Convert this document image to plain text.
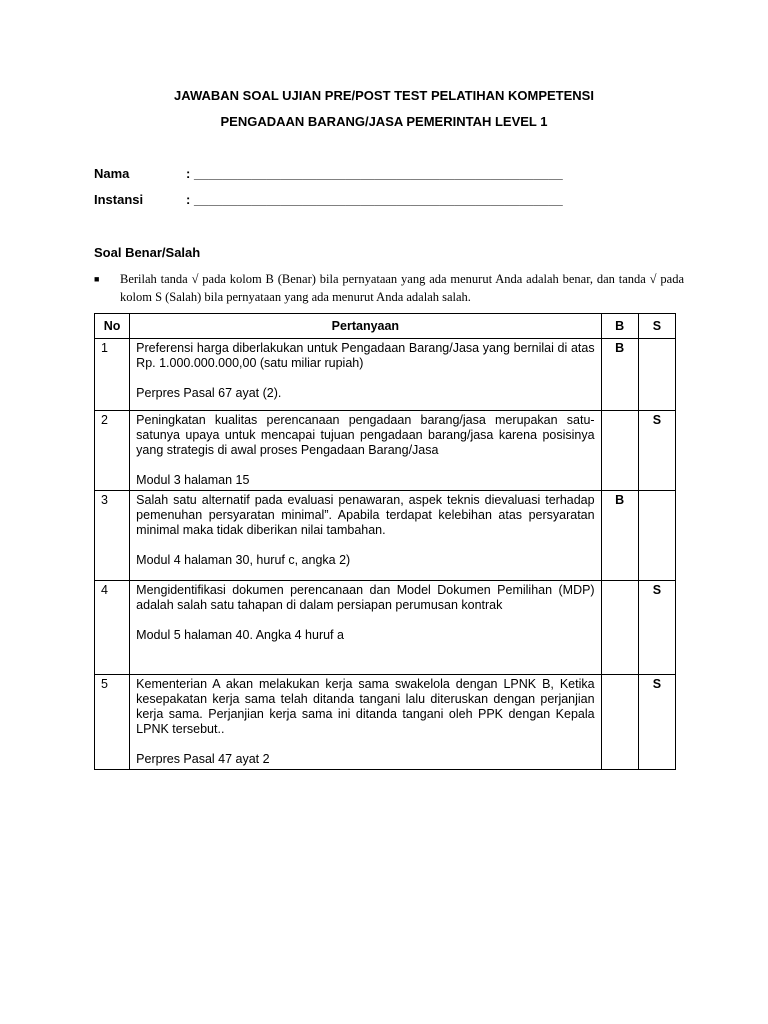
JAWABAN SOAL UJIAN PRE/POST TEST PELATIHAN KOMPETENSI
PENGADAAN BARANG/JASA PEMERINTAH LEVEL 1
Nama	: ___________________________________________________
Instansi	: ___________________________________________________
Soal Benar/Salah
■ Berilah tanda √ pada kolom B (Benar) bila pernyataan yang ada menurut Anda adalah benar, dan tanda √ pada kolom S (Salah) bila pernyataan yang ada menurut Anda adalah salah.
No	Pertanyaan	B	S
1	Preferensi harga diberlakukan untuk Pengadaan Barang/Jasa yang bernilai di atas Rp. 1.000.000.000,00 (satu miliar rupiah)

Perpres Pasal 67 ayat (2).	B	
2	Peningkatan kualitas perencanaan pengadaan barang/jasa merupakan satu-satunya upaya untuk mencapai tujuan pengadaan barang/jasa karena posisinya yang strategis di awal proses Pengadaan Barang/Jasa

Modul 3 halaman 15		S
3	Salah satu alternatif pada evaluasi penawaran, aspek teknis dievaluasi terhadap pemenuhan persyaratan minimal”. Apabila terdapat kelebihan atas persyaratan minimal maka tidak diberikan nilai tambahan.

Modul 4 halaman 30, huruf c, angka 2)	B	
4	Mengidentifikasi dokumen perencanaan dan Model Dokumen Pemilihan (MDP) adalah salah satu tahapan di dalam persiapan perumusan kontrak

Modul 5 halaman 40. Angka 4 huruf a		S
5	Kementerian A akan melakukan kerja sama swakelola dengan LPNK B, Ketika kesepakatan kerja sama telah ditanda tangani lalu diteruskan dengan perjanjian kerja sama. Perjanjian kerja sama ini ditanda tangani oleh PPK dengan Kepala LPNK tersebut..

Perpres Pasal 47 ayat 2		S
